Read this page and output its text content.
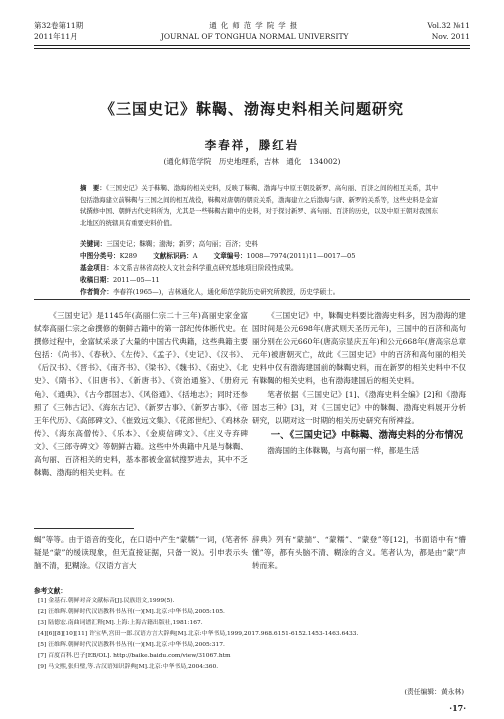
第32卷第11期	通化师范学院学报	Vol.32 №11
2011年11月	JOURNAL OF TONGHUA NORMAL UNIVERSITY	Nov. 2011
《三国史记》靺鞨、渤海史料相关问题研究
李春祥，滕红岩
(通化师范学院　历史地理系，吉林　通化　134002)
摘　要：《三国史记》关于靺鞨、渤海的相关史料，反映了靺鞨、渤海与中原王朝及新罗、高句丽、百济之间的相互关系，其中包括渤海建立前靺鞨与三国之间的相互战役，靺鞨对唐朝的朝贡关系，渤海建立之后渤海与唐、新罗的关系等，这些史料是金富轼撰修中国、朝鲜古代史料所为，尤其是一些靺鞨古籍中的史料，对于探讨新罗、高句丽、百济的历史，以及中原王朝对我国东北地区的统辖具有重要史料价值。
关键词：三国史记；靺鞨；渤海；新罗；高句丽；百济；史料
中图分类号：K289 文献标识码：A 文章编号：1008—7974(2011)11—0017—05
基金项目：本文系吉林省高校人文社会科学重点研究基地项目阶段性成果。
收稿日期：2011—05—11
作者简介：李春祥(1965—)，吉林通化人，通化师范学院历史研究所教授，历史学硕士。

《三国史记》是1145年(高丽仁宗二十三年)高丽史家金富轼奉高丽仁宗之命撰修的朝鲜古籍中的第一部纪传体断代史。在撰修过程中，金富轼采录了大量的中国古代典籍，这些典籍主要包括：《尚书》、《春秋》、《左传》、《孟子》、《史记》、《汉书》、《后汉书》、《晋书》、《南齐书》、《梁书》、《魏书》、《南史》、《北史》、《隋书》、《旧唐书》、《新唐书》、《资治通鉴》、《册府元龟》、《通典》、《古今郡国志》、《风俗通》、《括地志》；同时还参照了《三韩古记》、《海东古记》、《新罗古事》、《新罗古事》、《帝王年代历》、《高郎碑文》、《崔致远文集》、《花郎世纪》、《鸡林杂传》、《海东高僧传》、《乐本》、《金庾信碑文》、《庄义寺弃碑文》、《三郎寺碑文》等朝鲜古籍。这些中外典籍中凡是与靺鞨、高句丽、百济相关的史料，基本都被金富轼搜罗进去，其中不乏靺鞨、渤海的相关史料。在

《三国史记》中，靺鞨史料要比渤海史料多，因为渤海的建国时间是公元698年(唐武则天圣历元年)，三国中的百济和高句丽分别在公元660年(唐高宗显庆五年)和公元668年(唐高宗总章元年)被唐朝灭亡，故此《三国史记》中的百济和高句丽的相关史料中仅有渤海建国前的靺鞨史料，而在新罗的相关史料中不仅有靺鞨的相关史料，也有渤海建国后的相关史料。

笔者依据《三国史记》[1]、《渤海史料全编》[2]和《渤海国志三种》[3]，对《三国史记》中的靺鞨、渤海史料展开分析研究，以期对这一时期的相关历史研究有所裨益。

一、《三国史记》中靺鞨、渤海史料的分布情况

渤海国的主体靺鞨，与高句丽一样，都是生活

蝎”等等。由于语音的变化，在口语中产生“蒙糯”一词，(笔者怀疑是“蒙”的缓读现象，但无直接证据，只备一说)。引申表示头脑不清，犯糊涂。《汉语方言大
辞典》列有“蒙揣”、“蒙糯”、“蒙登”等[12]，书面语中有“懵懂”等，都有头脑不清、糊涂的含义。笔者认为，都是由“蒙”声转而来。
参考文献：
[1] 金基石.朝鲜对音文献标音[J].民族语文,1999(5).
[2] 汪维辉.朝鲜时代汉语教科书丛刊(一)[M].北京:中华书局,2005:105.
[3] 陆德宏.南曲词谱汇释[M].上海:上海古籍出版社,1981:167.
[4][6][8][10][11] 许宝华,宫田一郎.汉语方言大辞典[M].北京:中华书局,1999,2017.968.6151-6152.1453-1463.6433.
[5] 汪维辉.朝鲜时代汉语教科书丛刊(一)[M].北京:中华书局,2005:317.
[7] 百度百科.巴子[EB/OL]. http://baike.baidu.com/view/31067.htm
[9] 马文熙,张归璧,等.古汉语知识辞典[M].北京:中华书局,2004:360.
(责任编辑：黄永林)
·17·
